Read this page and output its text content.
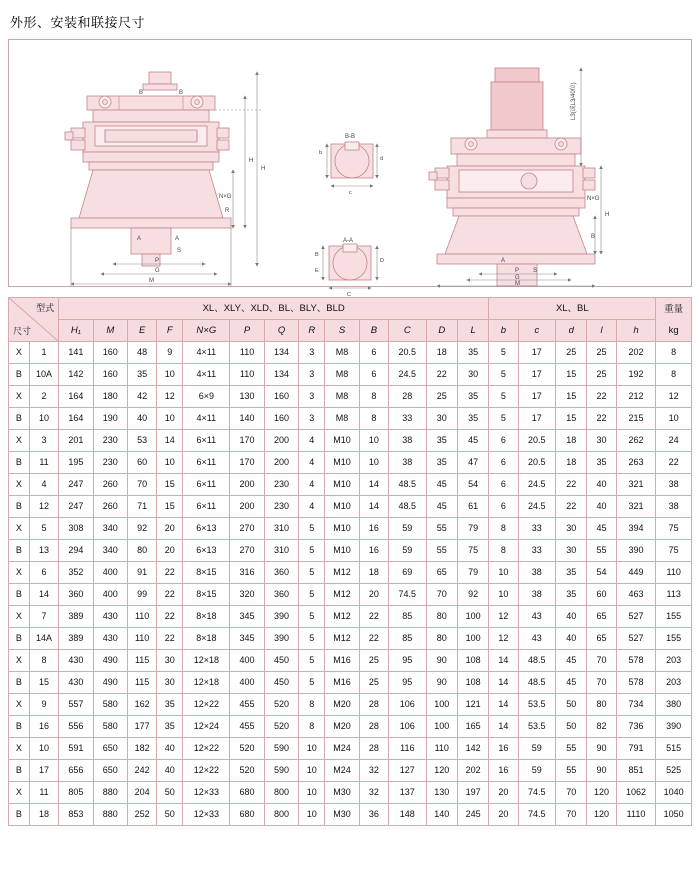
外形、安装和联接尺寸
B	B
A	A
N×G
R
H
H
S
P
G
M
B-B
A-A
b
d
c
B
E
D
C
L3(或L3/40位)
N×G
H
A
S
P
G
M
B
型式
尺寸		XL、XLY、XLD、BL、BLY、BLD													XL、BL					重量
kg
		H₁	M	E	F	N×G	P	Q	R	S	B	C	D	L	b	c	d	l	h	
X	1	141	160	48	9	4×11	110	134	3	M8	6	20.5	18	35	5	17	25	25	202	8
B	10A	142	160	35	10	4×11	110	134	3	M8	6	24.5	22	30	5	17	15	25	192	8
X	2	164	180	42	12	6×9	130	160	3	M8	8	28	25	35	5	17	15	22	212	12
B	10	164	190	40	10	4×11	140	160	3	M8	8	33	30	35	5	17	15	22	215	10
X	3	201	230	53	14	6×11	170	200	4	M10	10	38	35	45	6	20.5	18	30	262	24
B	11	195	230	60	10	6×11	170	200	4	M10	10	38	35	47	6	20.5	18	35	263	22
X	4	247	260	70	15	6×11	200	230	4	M10	14	48.5	45	54	6	24.5	22	40	321	38
B	12	247	260	71	15	6×11	200	230	4	M10	14	48.5	45	61	6	24.5	22	40	321	38
X	5	308	340	92	20	6×13	270	310	5	M10	16	59	55	79	8	33	30	45	394	75
B	13	294	340	80	20	6×13	270	310	5	M10	16	59	55	75	8	33	30	55	390	75
X	6	352	400	91	22	8×15	316	360	5	M12	18	69	65	79	10	38	35	54	449	110
B	14	360	400	99	22	8×15	320	360	5	M12	20	74.5	70	92	10	38	35	60	463	113
X	7	389	430	110	22	8×18	345	390	5	M12	22	85	80	100	12	43	40	65	527	155
B	14A	389	430	110	22	8×18	345	390	5	M12	22	85	80	100	12	43	40	65	527	155
X	8	430	490	115	30	12×18	400	450	5	M16	25	95	90	108	14	48.5	45	70	578	203
B	15	430	490	115	30	12×18	400	450	5	M16	25	95	90	108	14	48.5	45	70	578	203
X	9	557	580	162	35	12×22	455	520	8	M20	28	106	100	121	14	53.5	50	80	734	380
B	16	556	580	177	35	12×24	455	520	8	M20	28	106	100	165	14	53.5	50	82	736	390
X	10	591	650	182	40	12×22	520	590	10	M24	28	116	110	142	16	59	55	90	791	515
B	17	656	650	242	40	12×22	520	590	10	M24	32	127	120	202	16	59	55	90	851	525
X	11	805	880	204	50	12×33	680	800	10	M30	32	137	130	197	20	74.5	70	120	1062	1040
B	18	853	880	252	50	12×33	680	800	10	M30	36	148	140	245	20	74.5	70	120	1110	1050
